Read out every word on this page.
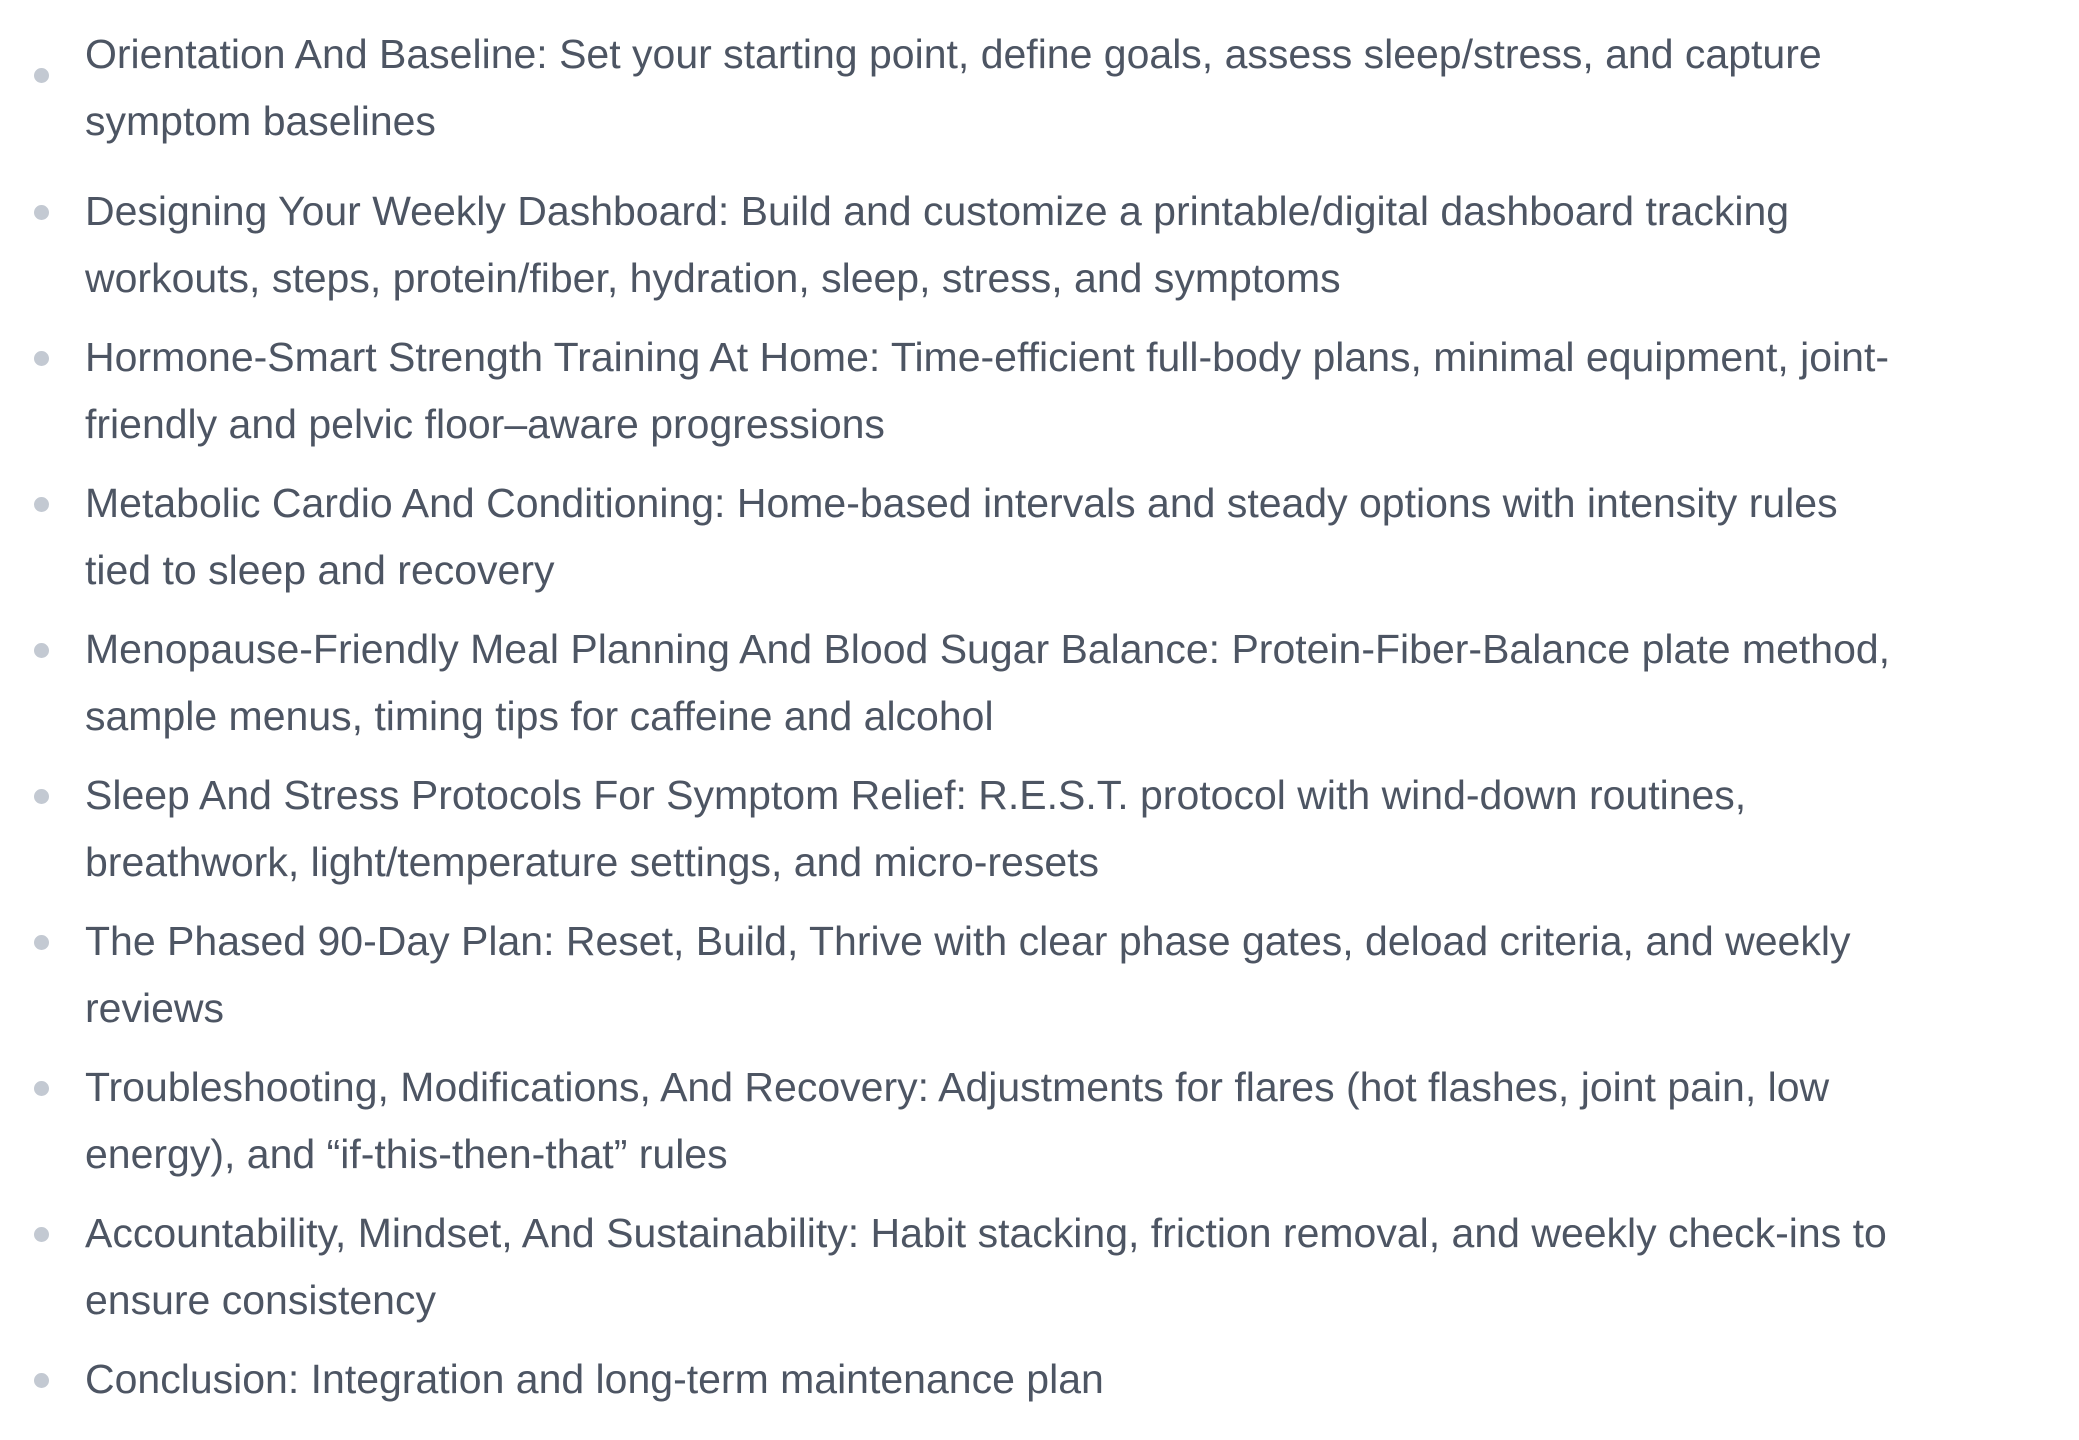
Orientation And Baseline: Set your starting point, define goals, assess sleep/stress, and capture
symptom baselines

Designing Your Weekly Dashboard: Build and customize a printable/digital dashboard tracking
workouts, steps, protein/fiber, hydration, sleep, stress, and symptoms

Hormone-Smart Strength Training At Home: Time-efficient full-body plans, minimal equipment, joint-
friendly and pelvic floor–aware progressions

Metabolic Cardio And Conditioning: Home-based intervals and steady options with intensity rules
tied to sleep and recovery

Menopause-Friendly Meal Planning And Blood Sugar Balance: Protein-Fiber-Balance plate method,
sample menus, timing tips for caffeine and alcohol

Sleep And Stress Protocols For Symptom Relief: R.E.S.T. protocol with wind-down routines,
breathwork, light/temperature settings, and micro-resets

The Phased 90-Day Plan: Reset, Build, Thrive with clear phase gates, deload criteria, and weekly
reviews

Troubleshooting, Modifications, And Recovery: Adjustments for flares (hot flashes, joint pain, low
energy), and “if-this-then-that” rules

Accountability, Mindset, And Sustainability: Habit stacking, friction removal, and weekly check-ins to
ensure consistency

Conclusion: Integration and long-term maintenance plan
